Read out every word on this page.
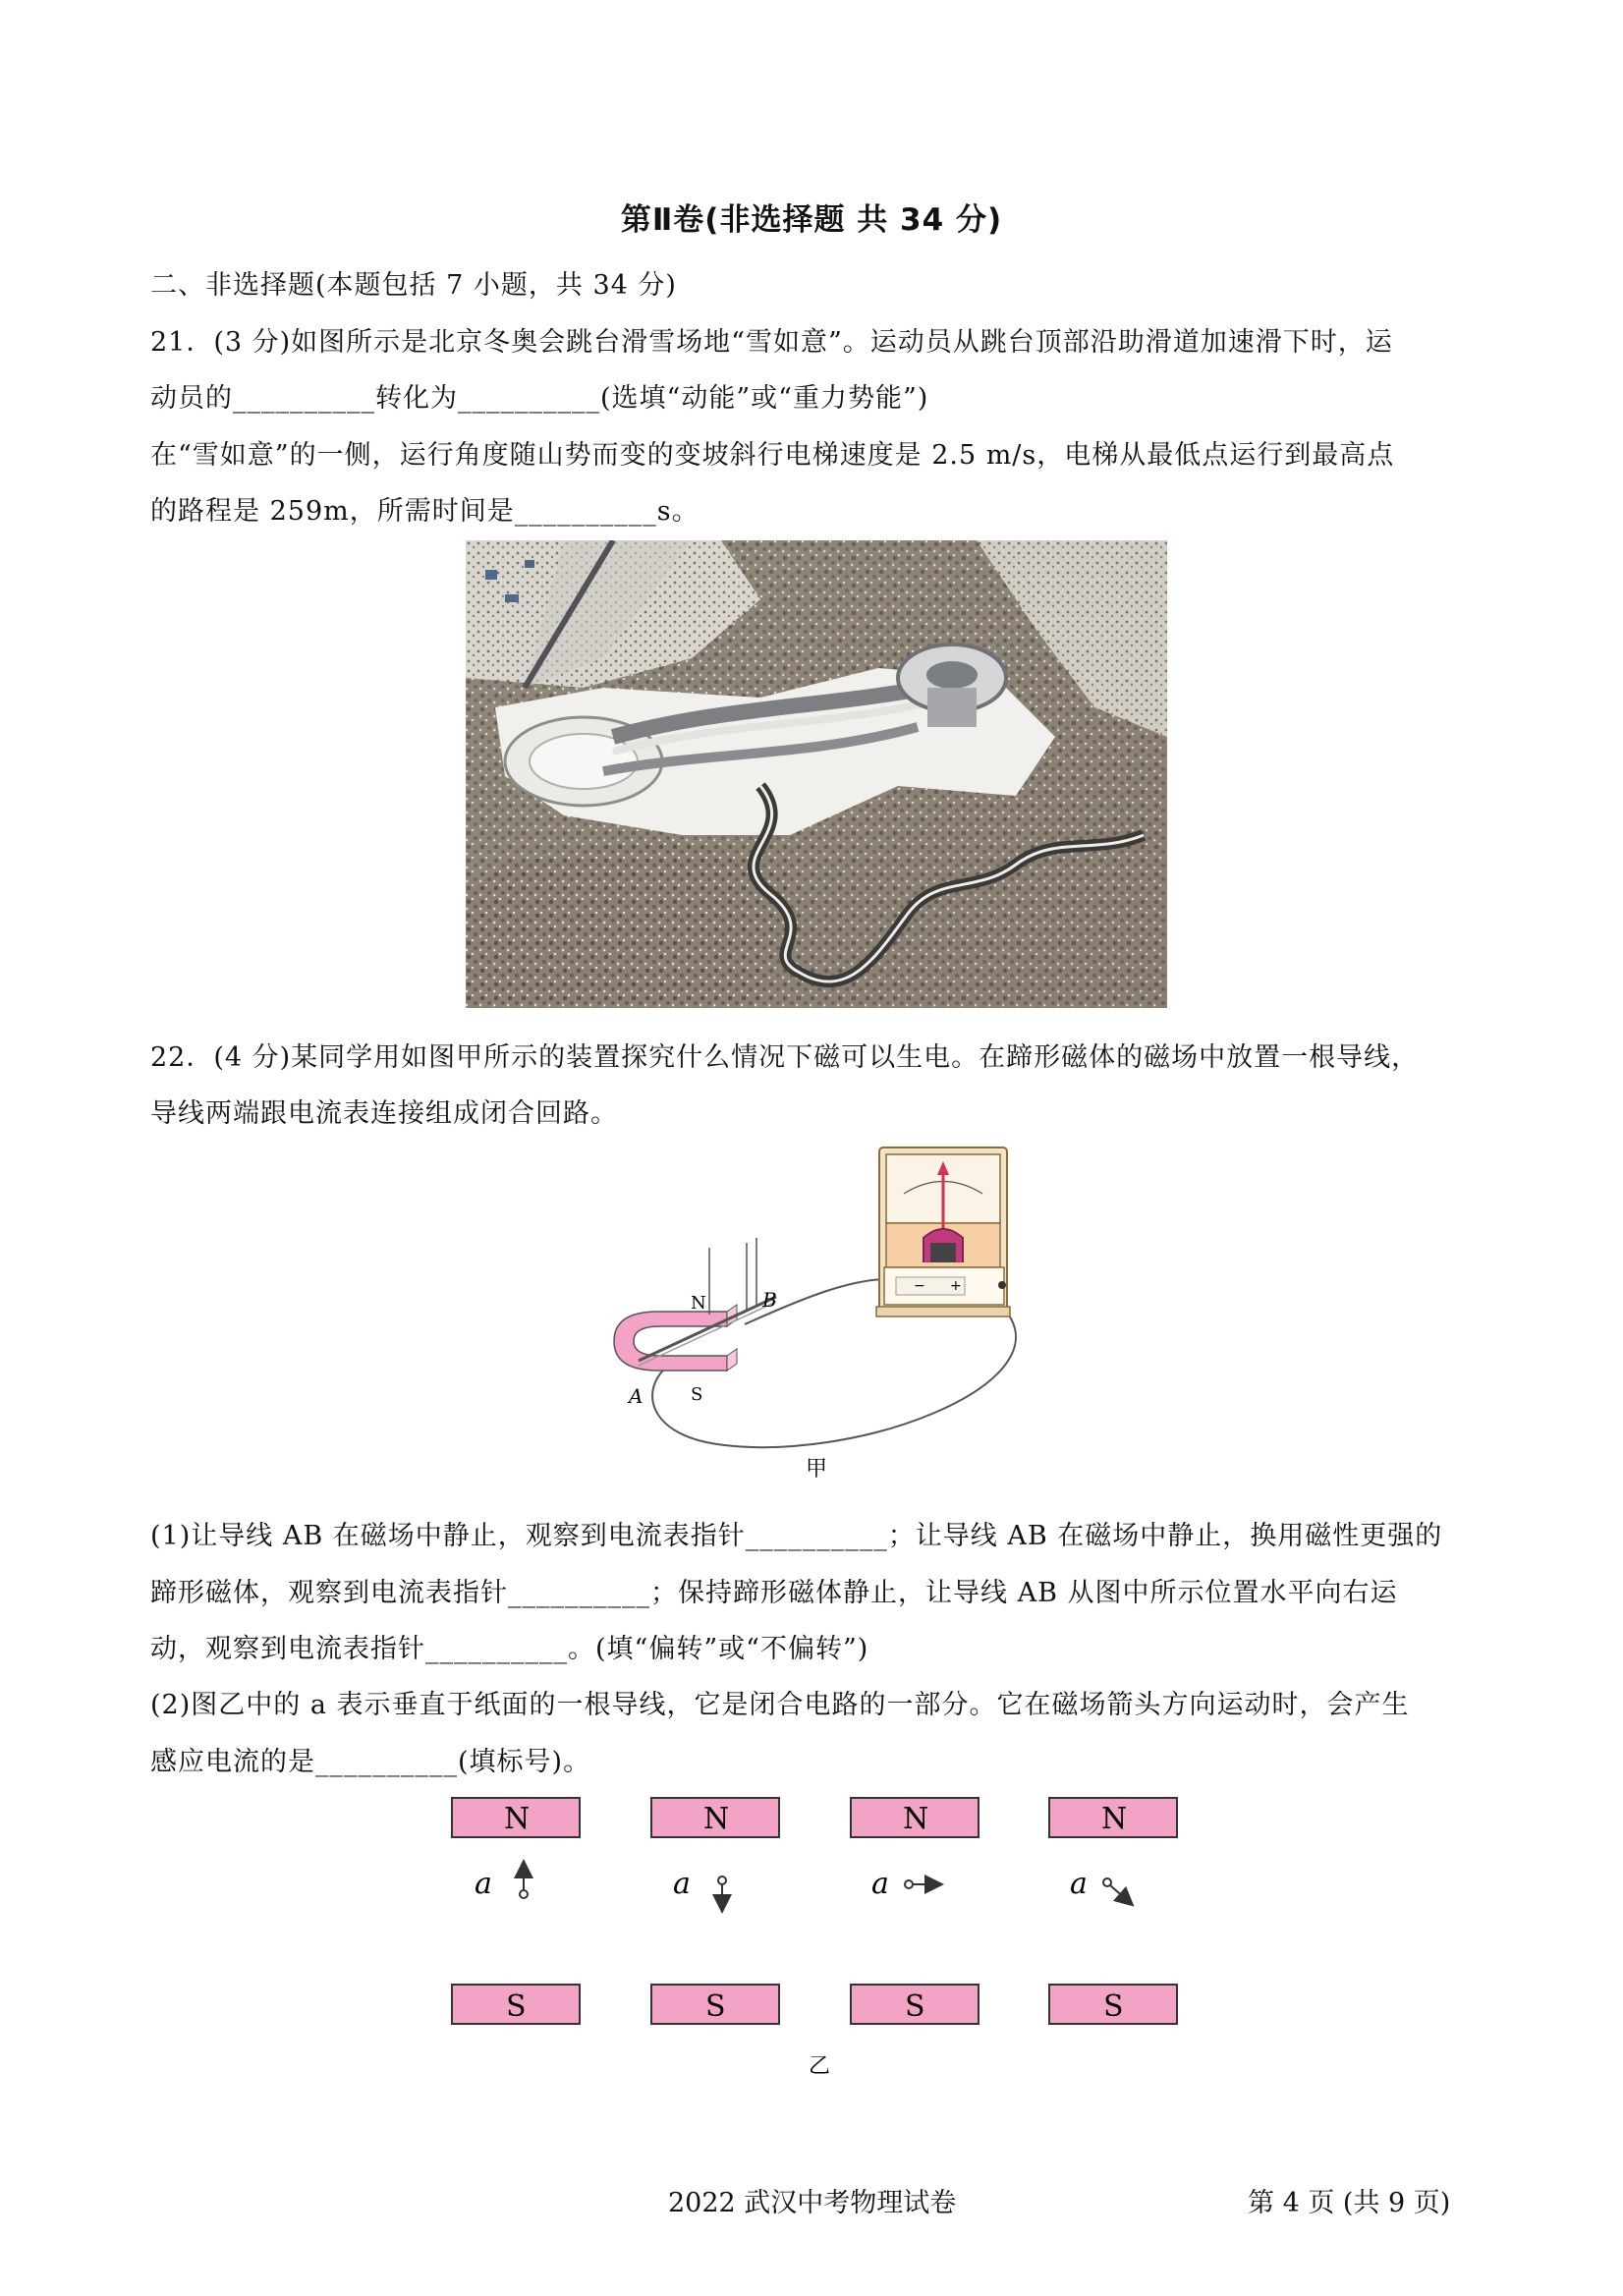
第Ⅱ卷(非选择题 共 34 分)
二、非选择题(本题包括 7 小题，共 34 分)
21．(3 分)如图所示是北京冬奥会跳台滑雪场地“雪如意”。运动员从跳台顶部沿助滑道加速滑下时，运
动员的__________转化为__________(选填“动能”或“重力势能”)
在“雪如意”的一侧，运行角度随山势而变的变坡斜行电梯速度是 2.5 m/s，电梯从最低点运行到最高点
的路程是 259m，所需时间是__________s。
22．(4 分)某同学用如图甲所示的装置探究什么情况下磁可以生电。在蹄形磁体的磁场中放置一根导线，
导线两端跟电流表连接组成闭合回路。
− +
N
S
A
B
甲
(1)让导线 AB 在磁场中静止，观察到电流表指针__________；让导线 AB 在磁场中静止，换用磁性更强的
蹄形磁体，观察到电流表指针__________；保持蹄形磁体静止，让导线 AB 从图中所示位置水平向右运
动，观察到电流表指针__________。(填“偏转”或“不偏转”)
(2)图乙中的 a 表示垂直于纸面的一根导线，它是闭合电路的一部分。它在磁场箭头方向运动时，会产生
感应电流的是__________(填标号)。
N
S
a
N
S
a
N
S
a
N
S
a
乙
2022 武汉中考物理试卷	第 4 页 (共 9 页)
